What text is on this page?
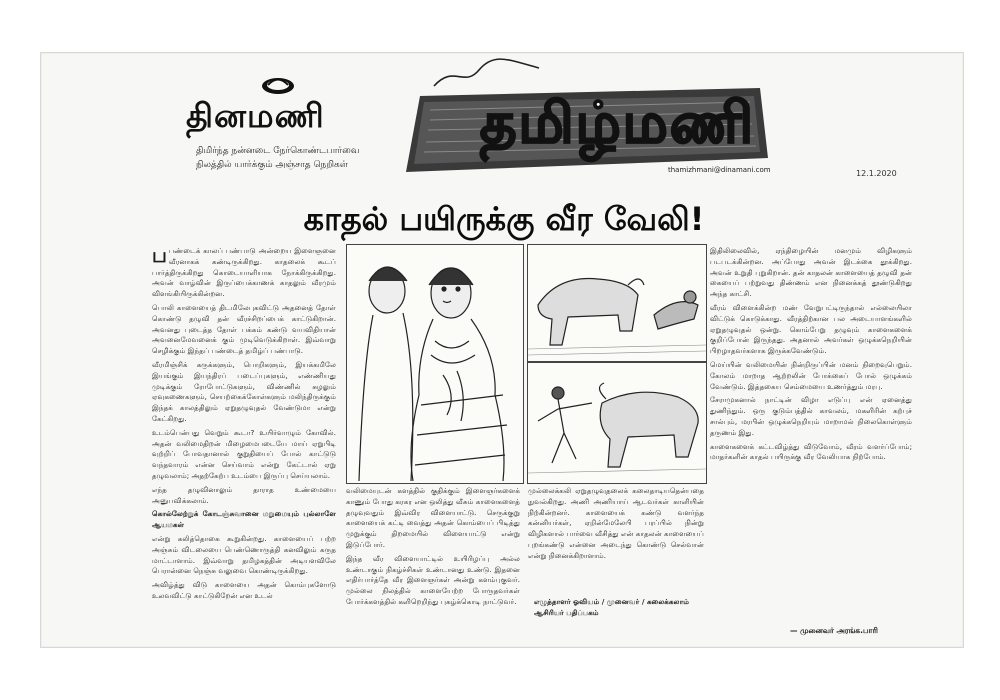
தினமணி
திமிர்ந்த நன்னடை நேர்கொண்டபார்வை
நிலத்தில் யார்க்கும் அஞ்சாத நெறிகள்
தமிழ்மணி
thamizhmani@dinamani.com	12.1.2020
காதல் பயிருக்கு வீர வேலி!

பபண்டைக் காலப் பண்பாடு அன்றைய இளைஞனை வீரனாகக் கண்டிருக்கிறது. காதலைக் கூடப் பார்த்திருக்கிறது கொடையாளியாக நோக்கிருக்கிறது. அவன் வாழ்வின் இருப்பைக்காணக் காதலும் வீரமும் விளங்கியிருக்கின்றன.

பொலி காளையைத் திடமிலேபுகவிட்டு அதனைத் தோள் கொண்டு தழுவி தன் வீரச்சிறப்பைக் காட்டுகிறான். அவனது புடைத்த தோள் பக்கம் கண்டு வயவிதியான் அவனைமேவனைக் கும் முடிவெடுக்கிறாள். இவ்வாறு செழிக்கும் இந்தப் பண்டைத் தமிழ்ப் பண்பாடு.

வீரமிஞ்சிக் கருக்களும், பொறிகளும், இயக்கமிலே இயங்கும் இயந்திரப் படைப்புகளும், எண்ணியது முடிக்கும் ரோபோட்டுகளும், விண்ணில் சுழலும் ஏவுகணைகளும், செயற்கைக்கோள்களும் மலிந்திருக்கும் இந்தக் காலத்திலும் ஏறுதழுவுதல் வேண்டுமா என்று கேட்கிறது.

உடம்பென்பது வெறும் கூடா? உயிர்வாழும் கோவில். அதன் வலிமைதிறன் மிழைமைபடையே மாய் ஏறுபிடி வுற்றிப் போவதானால் குறுதியைப் போல் காட்டுடு வந்தவாரம் என்ன செய்வாம் என்று கேட்டால் ஏறு தழுவலாம்; அதற்கேற்ப உடம்பை இருப்பு செய்யலாம்.

எந்த தழுவினாலும் தாராத உண்மையை அனுபவிக்கலாம்.

கொல்லேற்றுக் கோடஞ்சுவானை மறுமையும் புல்லாளே ஆயமகள்

என்று கலித்தொகை கூறுகின்றது. காளையைப் பற்ற அஞ்சும் விடலையை பெண்ணொருத்தி கனவிலும் கருத மாட்டாளாம். இவ்வாறு தமிழகத்தின் அடியளவிலே பெரான்னை நெஞ்சு வலுவை கொண்டிருக்கிறது.

அவிழ்த்து விடு காளையை அதன் கொம்புகளோடு உலவவிட்டு காட்டுகிறேன் என உடல்

வலிமையுடன் களத்தில் குதிக்கும் இளைஞர்களைக் காணும் போது கரகர என ஒலித்து வீசும் காளைகளைத் தழுவுவதும் இவ்விர விளையாட்டு. செருக்குறு காளையைக் கட்டி வைத்து அதன் கொம்பைப் பிடித்து முறுக்கும் திறமையில் விளையாட்டு என்று இடுப்போர்.

இந்த வீர விளையாட்டில் உயிரிழப்பு அல்ல உண்டாகும் நிகழ்ச்சிகள் உண்டானது உண்டு. இதனை எதிர்பார்த்தே வீர இளைஞர்கள் அன்று களம்புகுவர். முல்லை நிலத்தில் காளையேற்ற போருதவர்கள் போர்க்களத்தில் களிறெறிந்து புகழ்க்கொடி நாட்டுவர்.

முல்லைக்கலி ஏறுதழுவுதலைக் கலைதாடியதென்பதை நுவல்கிறது. அணி அணியாய் ஆடவர்கள் காளியின் நிற்கின்றனர். காளையைக் கண்டு வளர்ந்த கன்னியர்கள், ஏறின்மேலேபி பரப்பில் நின்று விழிகளால் பார்வை வீசித்து என் காதலன் காளையைப் புறங்கண்டு என்னை அடைந்து கொண்டு செல்வான் என்று நினைக்கிறாளாம்.

எழுத்தாளர் ஓவியம் / முனைவர் / கலைக்கலாம் ஆசிரியர் பதிப்பகம்

இதிலிலைவில், ஏந்திழையின் மனமும் விழிகளும் படபடக்கின்றன. அப்போது அவன் இடக்கை தூக்கிறது. அவன் உறுதி புறுகிறான். தன் காதலன் காளையைத் தழுவி தன் கையைப் பற்றுவது திண்ணம் என நினைக்கத் தூண்டுகிறது அந்த காட்சி.

வீரம் விளைக்கின்ற மண் வேறுபட்டிருந்தால் எல்லையிலா விட்டுக் கொடுக்காது. வீரத்திற்கான பல அடையாளங்களில் ஏறுதழுவுதல் ஒன்று. கொம்பேறு தழுவும் காளைகளைக் குறிப்போன் இருந்தது. அதனால் அவர்கள் ஒழுக்கநெறியின் பிறழாதவர்களாக இருக்கவேண்டும்.

மெய்யின் வலிமையின் நின்றிருப்பின் மனம் நிறைவுபெறும். கோலம் மாறாத ஆற்றலின் போக்கைப் போல் ஒழுக்கம் வேண்டும். இத்தகைய செம்மையை உணர்த்தும் மரபு.

சேராமுகனால் நாட்டின் விழா எடுப்பு என் ஏனைத்து துணிந்தும். ஒரு குடும்பத்தில் காவலம், மகளிரின் கற்புச் சால்பும், மரபின் ஒழுக்கநெறியும் மாறாமல் நிலைகொள்ளும் தருணம் இது.

காளைகளைக் கட்டவிழ்த்து விடுவோம், வீரம் வளர்ப்போம்; மாதர்களின் காதல் பயிருக்கு வீர வேலியாக நிற்போம்.

— முனைவர் அரங்க.பாரி
